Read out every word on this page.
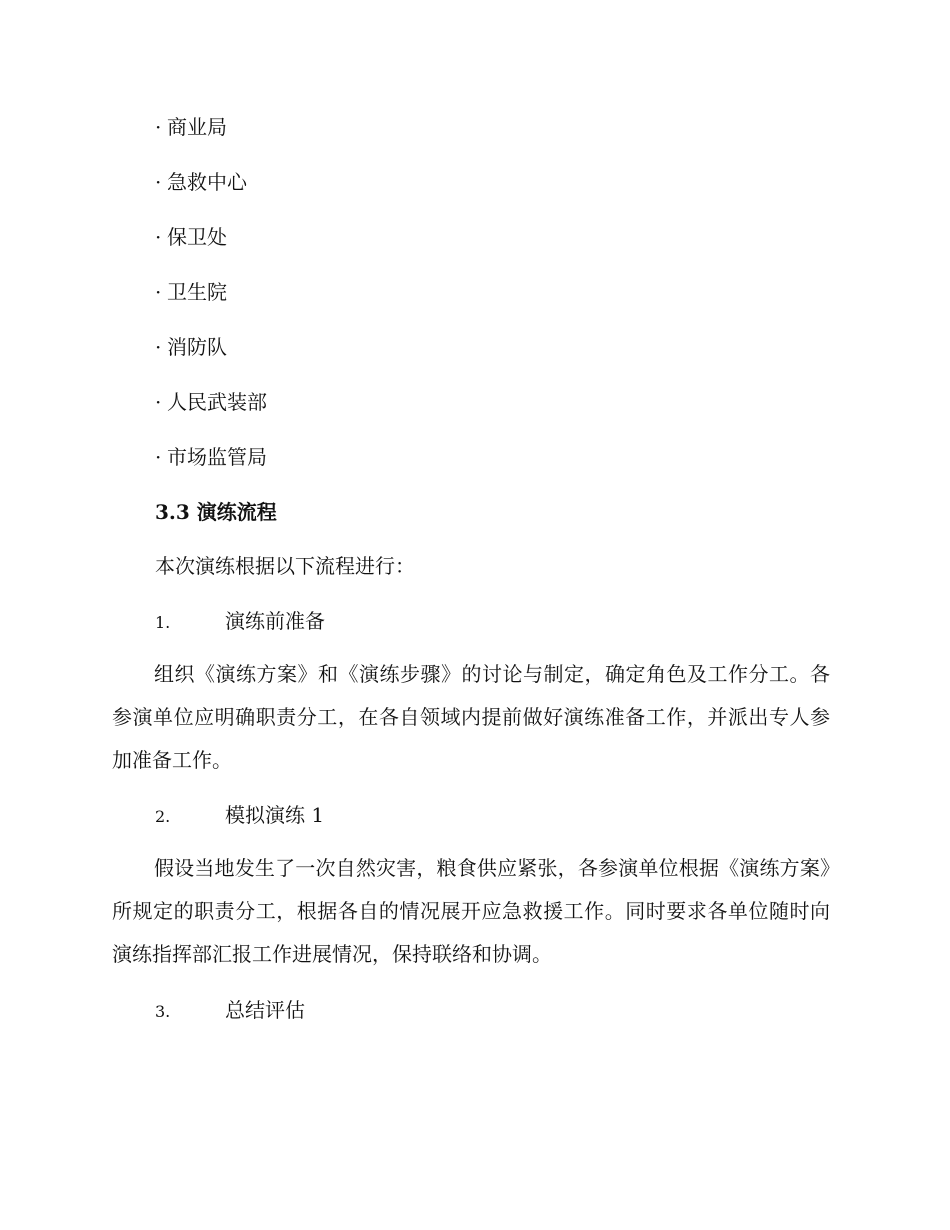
· 商业局
· 急救中心
· 保卫处
· 卫生院
· 消防队
· 人民武装部
· 市场监管局
3.3 演练流程
本次演练根据以下流程进行：
1.	演练前准备
组织《演练方案》和《演练步骤》的讨论与制定，确定角色及工作分工。各参演单位应明确职责分工，在各自领域内提前做好演练准备工作，并派出专人参加准备工作。
2.	模拟演练 1
假设当地发生了一次自然灾害，粮食供应紧张，各参演单位根据《演练方案》所规定的职责分工，根据各自的情况展开应急救援工作。同时要求各单位随时向演练指挥部汇报工作进展情况，保持联络和协调。
3.	总结评估
